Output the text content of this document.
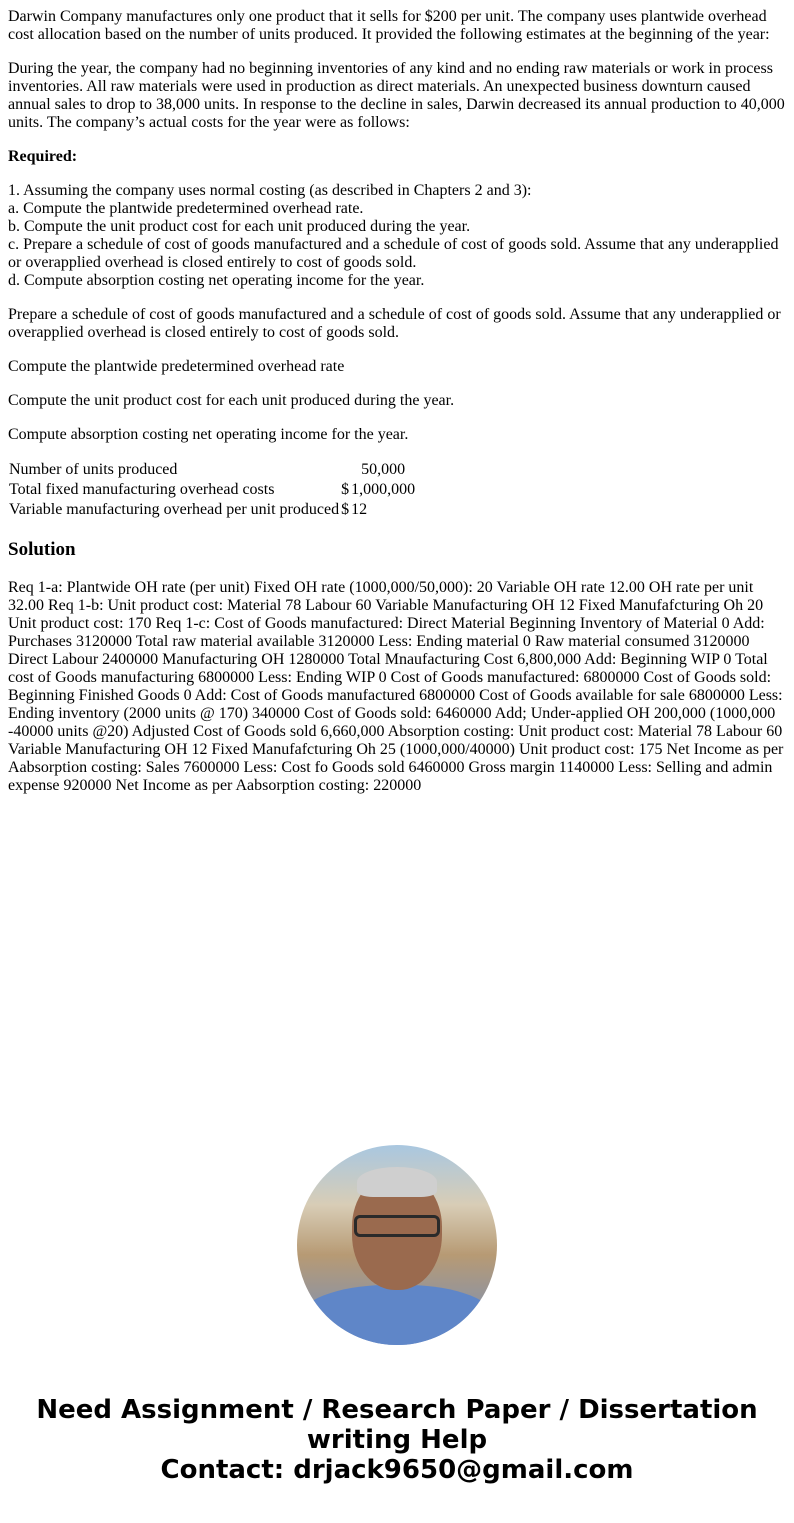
Darwin Company manufactures only one product that it sells for $200 per unit. The company uses plantwide overhead cost allocation based on the number of units produced. It provided the following estimates at the beginning of the year:

During the year, the company had no beginning inventories of any kind and no ending raw materials or work in process inventories. All raw materials were used in production as direct materials. An unexpected business downturn caused annual sales to drop to 38,000 units. In response to the decline in sales, Darwin decreased its annual production to 40,000 units. The company’s actual costs for the year were as follows:

Required:

1. Assuming the company uses normal costing (as described in Chapters 2 and 3):
a. Compute the plantwide predetermined overhead rate.
b. Compute the unit product cost for each unit produced during the year.
c. Prepare a schedule of cost of goods manufactured and a schedule of cost of goods sold. Assume that any underapplied or overapplied overhead is closed entirely to cost of goods sold.
d. Compute absorption costing net operating income for the year.

Prepare a schedule of cost of goods manufactured and a schedule of cost of goods sold. Assume that any underapplied or overapplied overhead is closed entirely to cost of goods sold.

Compute the plantwide predetermined overhead rate

Compute the unit product cost for each unit produced during the year.

Compute absorption costing net operating income for the year.

Number of units produced		50,000
Total fixed manufacturing overhead costs	$	1,000,000
Variable manufacturing overhead per unit produced	$	12
Solution

Req 1-a: Plantwide OH rate (per unit) Fixed OH rate (1000,000/50,000): 20 Variable OH rate 12.00 OH rate per unit 32.00 Req 1-b: Unit product cost: Material 78 Labour 60 Variable Manufacturing OH 12 Fixed Manufafcturing Oh 20 Unit product cost: 170 Req 1-c: Cost of Goods manufactured: Direct Material Beginning Inventory of Material 0 Add: Purchases 3120000 Total raw material available 3120000 Less: Ending material 0 Raw material consumed 3120000 Direct Labour 2400000 Manufacturing OH 1280000 Total Mnaufacturing Cost 6,800,000 Add: Beginning WIP 0 Total cost of Goods manufacturing 6800000 Less: Ending WIP 0 Cost of Goods manufactured: 6800000 Cost of Goods sold: Beginning Finished Goods 0 Add: Cost of Goods manufactured 6800000 Cost of Goods available for sale 6800000 Less: Ending inventory (2000 units @ 170) 340000 Cost of Goods sold: 6460000 Add; Under-applied OH 200,000 (1000,000 -40000 units @20) Adjusted Cost of Goods sold 6,660,000 Absorption costing: Unit product cost: Material 78 Labour 60 Variable Manufacturing OH 12 Fixed Manufafcturing Oh 25 (1000,000/40000) Unit product cost: 175 Net Income as per Aabsorption costing: Sales 7600000 Less: Cost fo Goods sold 6460000 Gross margin 1140000 Less: Selling and admin expense 920000 Net Income as per Aabsorption costing: 220000

Need Assignment / Research Paper / Dissertation writing Help
Contact: drjack9650@gmail.com
